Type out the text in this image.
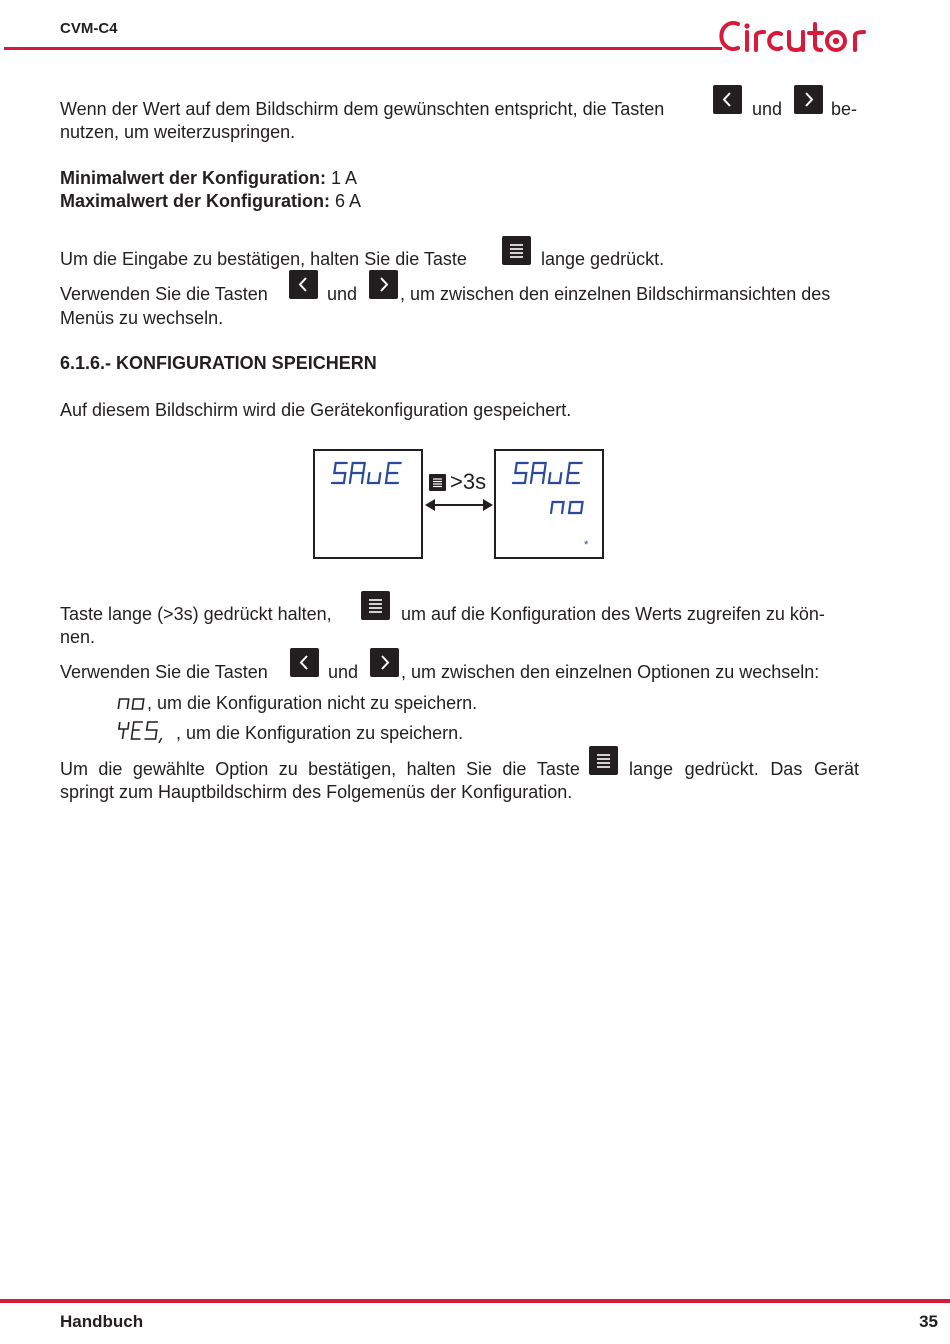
CVM-C4
Wenn der Wert auf dem Bildschirm dem gewünschten entspricht, die Tasten	und	be-
nutzen, um weiterzuspringen.
Minimalwert der Konfiguration: 1 A
Maximalwert der Konfiguration: 6 A
Um die Eingabe zu bestätigen, halten Sie die Taste	lange gedrückt.
Verwenden Sie die Tasten	und , um zwischen den einzelnen Bildschirmansichten des
Menüs zu wechseln.
6.1.6.- KONFIGURATION SPEICHERN
Auf diesem Bildschirm wird die Gerätekonfiguration gespeichert.
>3s
*
Taste lange (>3s) gedrückt halten,	um auf die Konfiguration des Werts zugreifen zu kön-
nen.
Verwenden Sie die Tasten	und , um zwischen den einzelnen Optionen zu wechseln:
, um die Konfiguration nicht zu speichern.
, um die Konfiguration zu speichern.
Um die gewählte Option zu bestätigen, halten Sie die Taste	lange gedrückt. Das Gerät
springt zum Hauptbildschirm des Folgemenüs der Konfiguration.
Handbuch	35
